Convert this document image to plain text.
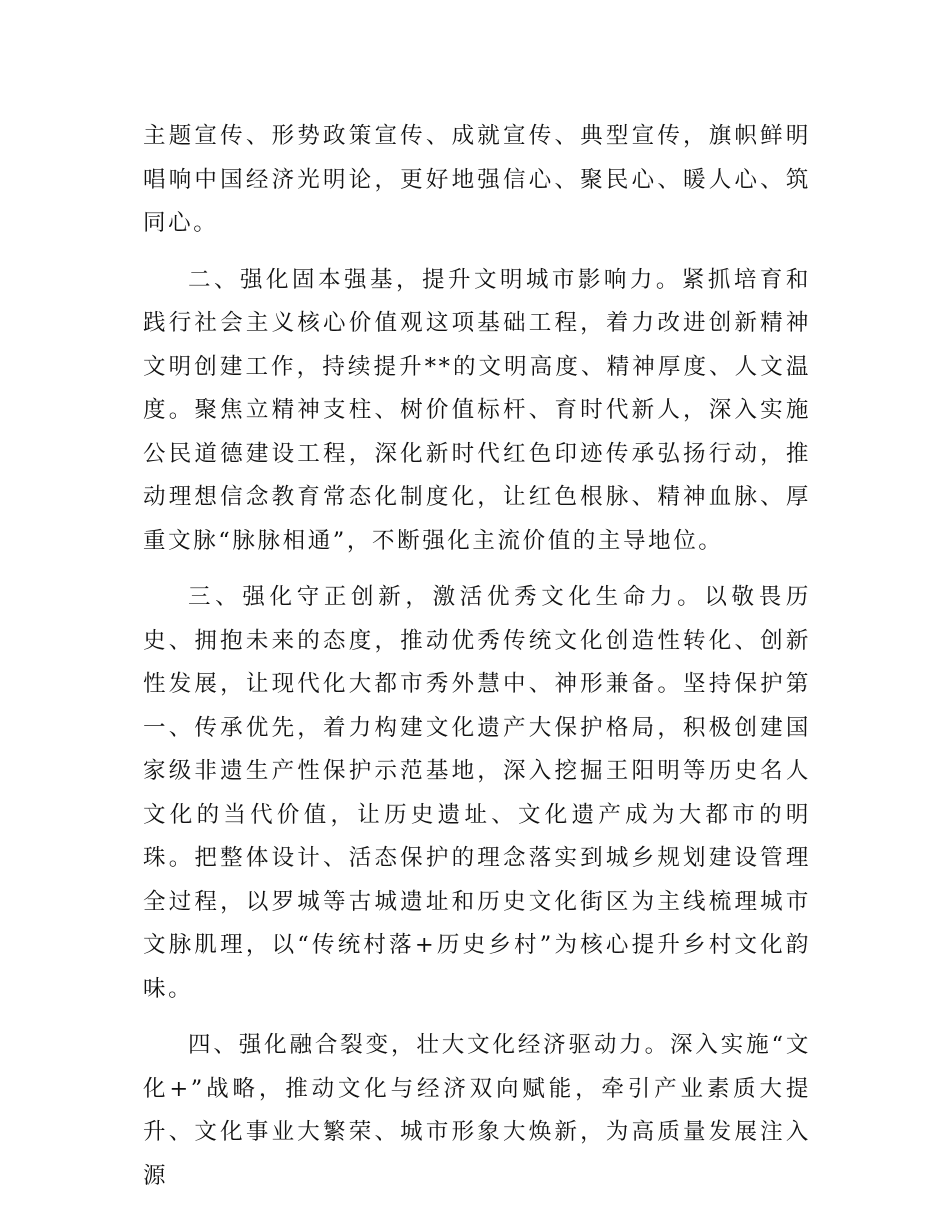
主题宣传、形势政策宣传、成就宣传、典型宣传，旗帜鲜明唱响中国经济光明论，更好地强信心、聚民心、暖人心、筑同心。

二、强化固本强基，提升文明城市影响力。紧抓培育和践行社会主义核心价值观这项基础工程，着力改进创新精神文明创建工作，持续提升**的文明高度、精神厚度、人文温度。聚焦立精神支柱、树价值标杆、育时代新人，深入实施公民道德建设工程，深化新时代红色印迹传承弘扬行动，推动理想信念教育常态化制度化，让红色根脉、精神血脉、厚重文脉“脉脉相通”，不断强化主流价值的主导地位。

三、强化守正创新，激活优秀文化生命力。以敬畏历史、拥抱未来的态度，推动优秀传统文化创造性转化、创新性发展，让现代化大都市秀外慧中、神形兼备。坚持保护第一、传承优先，着力构建文化遗产大保护格局，积极创建国家级非遗生产性保护示范基地，深入挖掘王阳明等历史名人文化的当代价值，让历史遗址、文化遗产成为大都市的明珠。把整体设计、活态保护的理念落实到城乡规划建设管理全过程，以罗城等古城遗址和历史文化街区为主线梳理城市文脉肌理，以“传统村落+历史乡村”为核心提升乡村文化韵味。

四、强化融合裂变，壮大文化经济驱动力。深入实施“文化+”战略，推动文化与经济双向赋能，牵引产业素质大提升、文化事业大繁荣、城市形象大焕新，为高质量发展注入源
